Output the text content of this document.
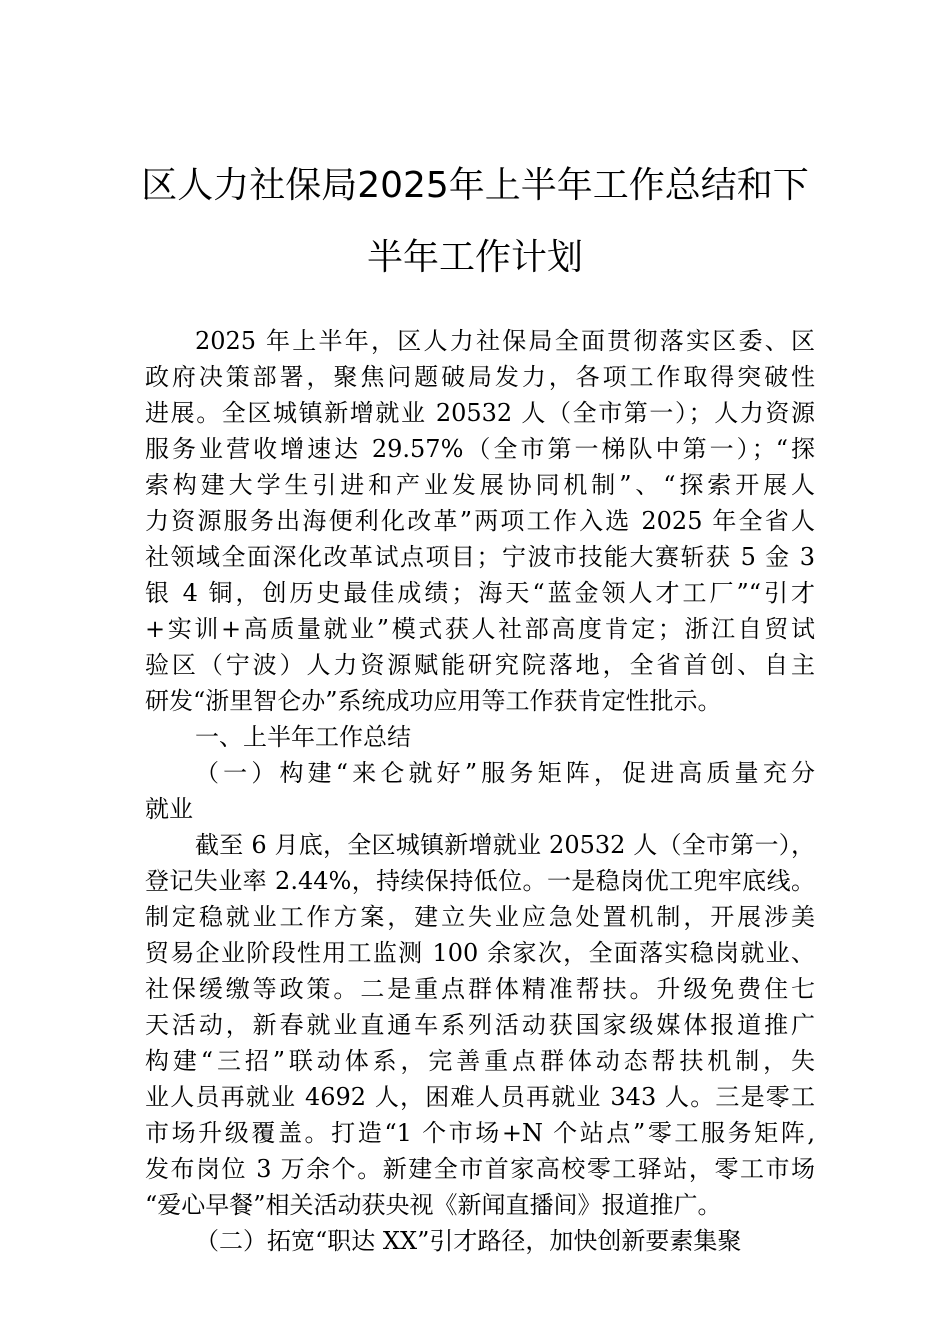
区人力社保局2025年上半年工作总结和下
半年工作计划
2025 年上半年，区人力社保局全面贯彻落实区委、区
政府决策部署，聚焦问题破局发力，各项工作取得突破性
进展。全区城镇新增就业 20532 人（全市第一）；人力资源
服务业营收增速达 29.57%（全市第一梯队中第一）；“探
索构建大学生引进和产业发展协同机制”、“探索开展人
力资源服务出海便利化改革”两项工作入选 2025 年全省人
社领域全面深化改革试点项目；宁波市技能大赛斩获 5 金 3
银 4 铜，创历史最佳成绩；海天“蓝金领人才工厂”“引才
+实训+高质量就业”模式获人社部高度肯定；浙江自贸试
验区（宁波）人力资源赋能研究院落地，全省首创、自主
研发“浙里智仑办”系统成功应用等工作获肯定性批示。
一、上半年工作总结
（一）构建“来仑就好”服务矩阵，促进高质量充分
就业
截至 6 月底，全区城镇新增就业 20532 人（全市第一），
登记失业率 2.44%，持续保持低位。一是稳岗优工兜牢底线。
制定稳就业工作方案，建立失业应急处置机制，开展涉美
贸易企业阶段性用工监测 100 余家次，全面落实稳岗就业、
社保缓缴等政策。二是重点群体精准帮扶。升级免费住七
天活动，新春就业直通车系列活动获国家级媒体报道推广
构建“三招”联动体系，完善重点群体动态帮扶机制，失
业人员再就业 4692 人，困难人员再就业 343 人。三是零工
市场升级覆盖。打造“1 个市场+N 个站点”零工服务矩阵,
发布岗位 3 万余个。新建全市首家高校零工驿站，零工市场
“爱心早餐”相关活动获央视《新闻直播间》报道推广。
（二）拓宽“职达 XX”引才路径，加快创新要素集聚
